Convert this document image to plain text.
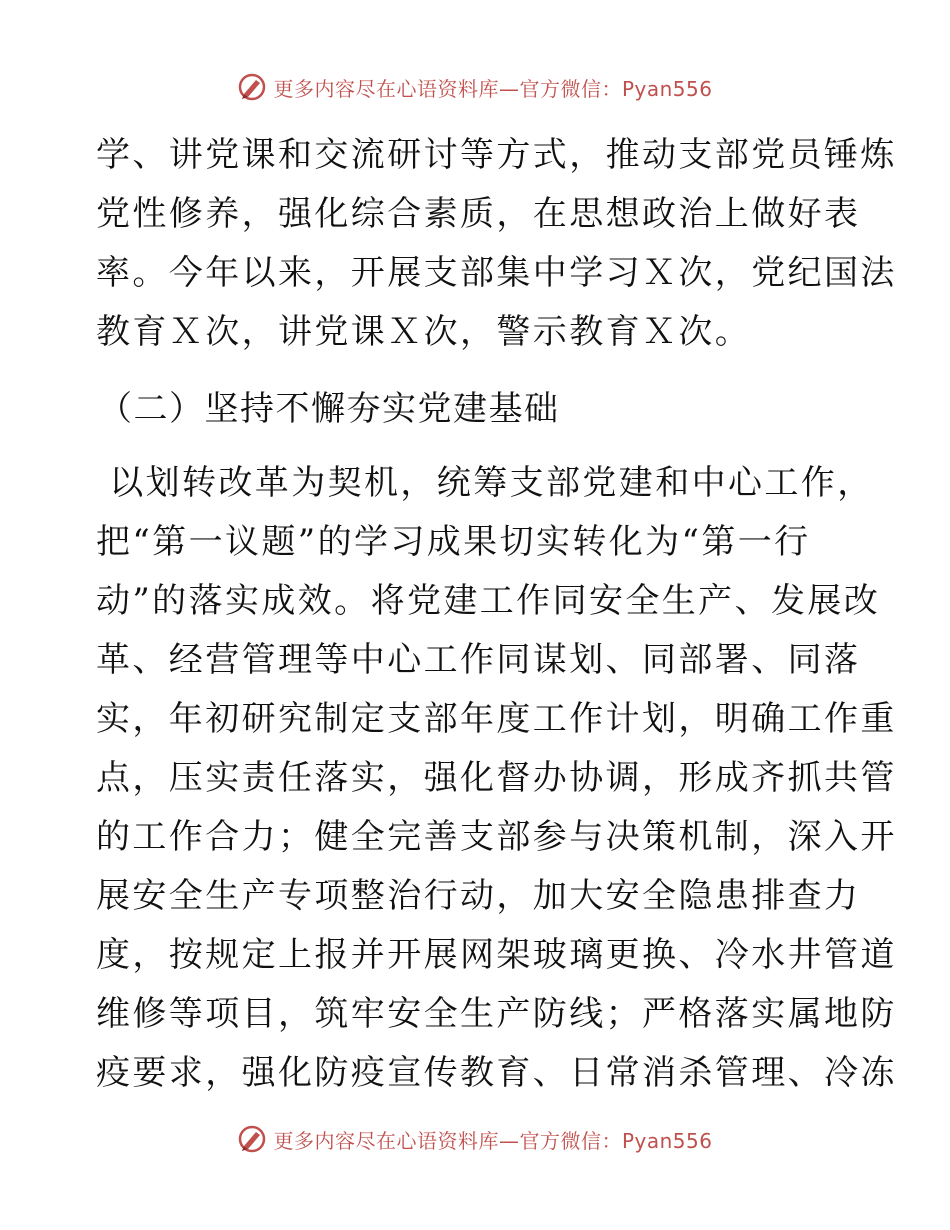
更多内容尽在心语资料库—官方微信：Pyan556

学、讲党课和交流研讨等方式，推动支部党员锤炼
党性修养，强化综合素质，在思想政治上做好表
率。今年以来，开展支部集中学习Ｘ次，党纪国法
教育Ｘ次，讲党课Ｘ次，警示教育Ｘ次。

（二）坚持不懈夯实党建基础

以划转改革为契机，统筹支部党建和中心工作，
把“第一议题”的学习成果切实转化为“第一行
动”的落实成效。将党建工作同安全生产、发展改
革、经营管理等中心工作同谋划、同部署、同落
实，年初研究制定支部年度工作计划，明确工作重
点，压实责任落实，强化督办协调，形成齐抓共管
的工作合力；健全完善支部参与决策机制，深入开
展安全生产专项整治行动，加大安全隐患排查力
度，按规定上报并开展网架玻璃更换、冷水井管道
维修等项目，筑牢安全生产防线；严格落实属地防
疫要求，强化防疫宣传教育、日常消杀管理、冷冻

更多内容尽在心语资料库—官方微信：Pyan556
